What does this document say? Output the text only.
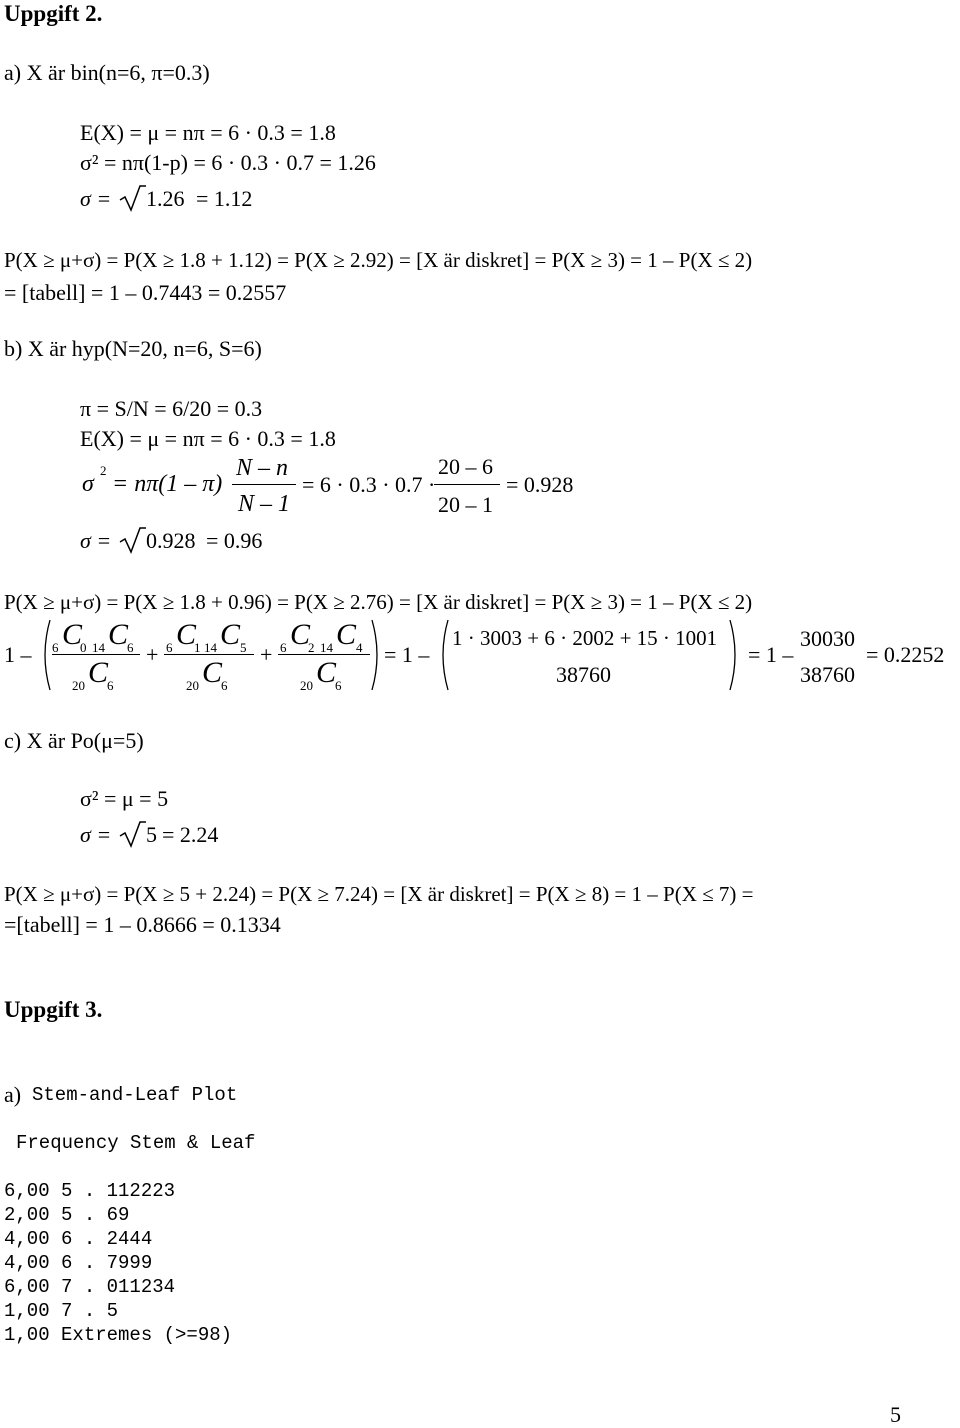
Uppgift 2.
a) X är bin(n=6, π=0.3)
E(X) = μ = nπ = 6 · 0.3 = 1.8
σ² = nπ(1-p) = 6 · 0.3 · 0.7 = 1.26
σ = 1.26 = 1.12
P(X ≥ μ+σ) = P(X ≥ 1.8 + 1.12) = P(X ≥ 2.92) = [X är diskret] = P(X ≥ 3) = 1 – P(X ≤ 2)
= [tabell] = 1 – 0.7443 = 0.2557
b) X är hyp(N=20, n=6, S=6)
π = S/N = 6/20 = 0.3
E(X) = μ = nπ = 6 · 0.3 = 1.8
σ
2
= nπ(1 – π)
N – n
N – 1
= 6 · 0.3 · 0.7 ·
20 – 6
20 – 1
= 0.928
σ = 0.928 = 0.96
P(X ≥ μ+σ) = P(X ≥ 1.8 + 0.96) = P(X ≥ 2.76) = [X är diskret] = P(X ≥ 3) = 1 – P(X ≤ 2)
1 – 6 C
0 14 C
6
20 C
6
+ 6 C
1 14 C 5
20 C
6
+ 6 C
2 14 C 4
20 C
6
= 1 –
1 · 3003 + 6 · 2002 + 15 · 1001
38760
= 1 –
30030
38760
= 0.2252
c) X är Po(μ=5)
σ² = μ = 5
σ = 5 = 2.24
P(X ≥ μ+σ) = P(X ≥ 5 + 2.24) = P(X ≥ 7.24) = [X är diskret] = P(X ≥ 8) = 1 – P(X ≤ 7) =
=[tabell] = 1 – 0.8666 = 0.1334
Uppgift 3.
a) Stem-and-Leaf Plot
Frequency Stem & Leaf
6,00 5 . 112223
2,00 5 . 69
4,00 6 . 2444
4,00 6 . 7999
6,00 7 . 011234
1,00 7 . 5
1,00 Extremes (>=98)
5
